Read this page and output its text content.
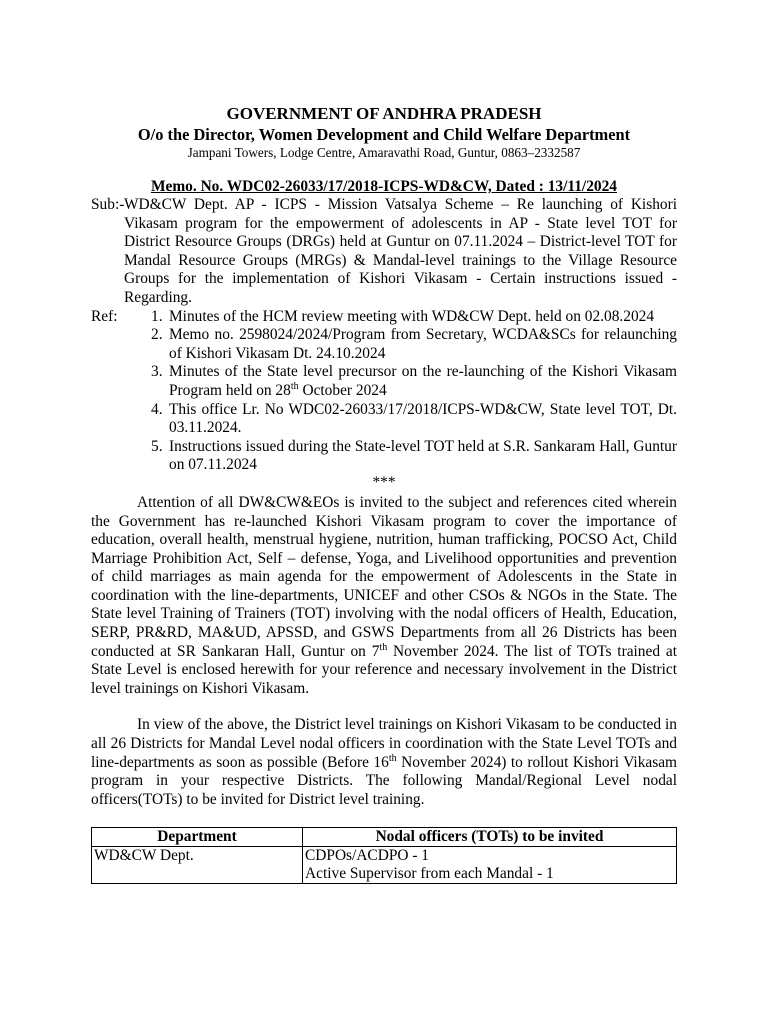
GOVERNMENT OF ANDHRA PRADESH
O/o the Director, Women Development and Child Welfare Department
Jampani Towers, Lodge Centre, Amaravathi Road, Guntur, 0863–2332587
Memo. No. WDC02-26033/17/2018-ICPS-WD&CW, Dated : 13/11/2024
Sub:- WD&CW Dept. AP - ICPS - Mission Vatsalya Scheme – Re launching of Kishori Vikasam program for the empowerment of adolescents in AP - State level TOT for District Resource Groups (DRGs) held at Guntur on 07.11.2024 – District-level TOT for Mandal Resource Groups (MRGs) & Mandal-level trainings to the Village Resource Groups for the implementation of Kishori Vikasam - Certain instructions issued - Regarding.
Ref:	Minutes of the HCM review meeting with WD&CW Dept. held on 02.08.2024
Memo no. 2598024/2024/Program from Secretary, WCDA&SCs for relaunching of Kishori Vikasam Dt. 24.10.2024
Minutes of the State level precursor on the re-launching of the Kishori Vikasam Program held on 28th October 2024
This office Lr. No WDC02-26033/17/2018/ICPS-WD&CW, State level TOT, Dt. 03.11.2024.
Instructions issued during the State-level TOT held at S.R. Sankaram Hall, Guntur on 07.11.2024
***

Attention of all DW&CW&EOs is invited to the subject and references cited wherein the Government has re-launched Kishori Vikasam program to cover the importance of education, overall health, menstrual hygiene, nutrition, human trafficking, POCSO Act, Child Marriage Prohibition Act, Self – defense, Yoga, and Livelihood opportunities and prevention of child marriages as main agenda for the empowerment of Adolescents in the State in coordination with the line-departments, UNICEF and other CSOs & NGOs in the State. The State level Training of Trainers (TOT) involving with the nodal officers of Health, Education, SERP, PR&RD, MA&UD, APSSD, and GSWS Departments from all 26 Districts has been conducted at SR Sankaran Hall, Guntur on 7th November 2024. The list of TOTs trained at State Level is enclosed herewith for your reference and necessary involvement in the District level trainings on Kishori Vikasam.

In view of the above, the District level trainings on Kishori Vikasam to be conducted in all 26 Districts for Mandal Level nodal officers in coordination with the State Level TOTs and line-departments as soon as possible (Before 16th November 2024) to rollout Kishori Vikasam program in your respective Districts. The following Mandal/Regional Level nodal officers(TOTs) to be invited for District level training.

Department	Nodal officers (TOTs) to be invited
WD&CW Dept.	CDPOs/ACDPO - 1
Active Supervisor from each Mandal - 1
